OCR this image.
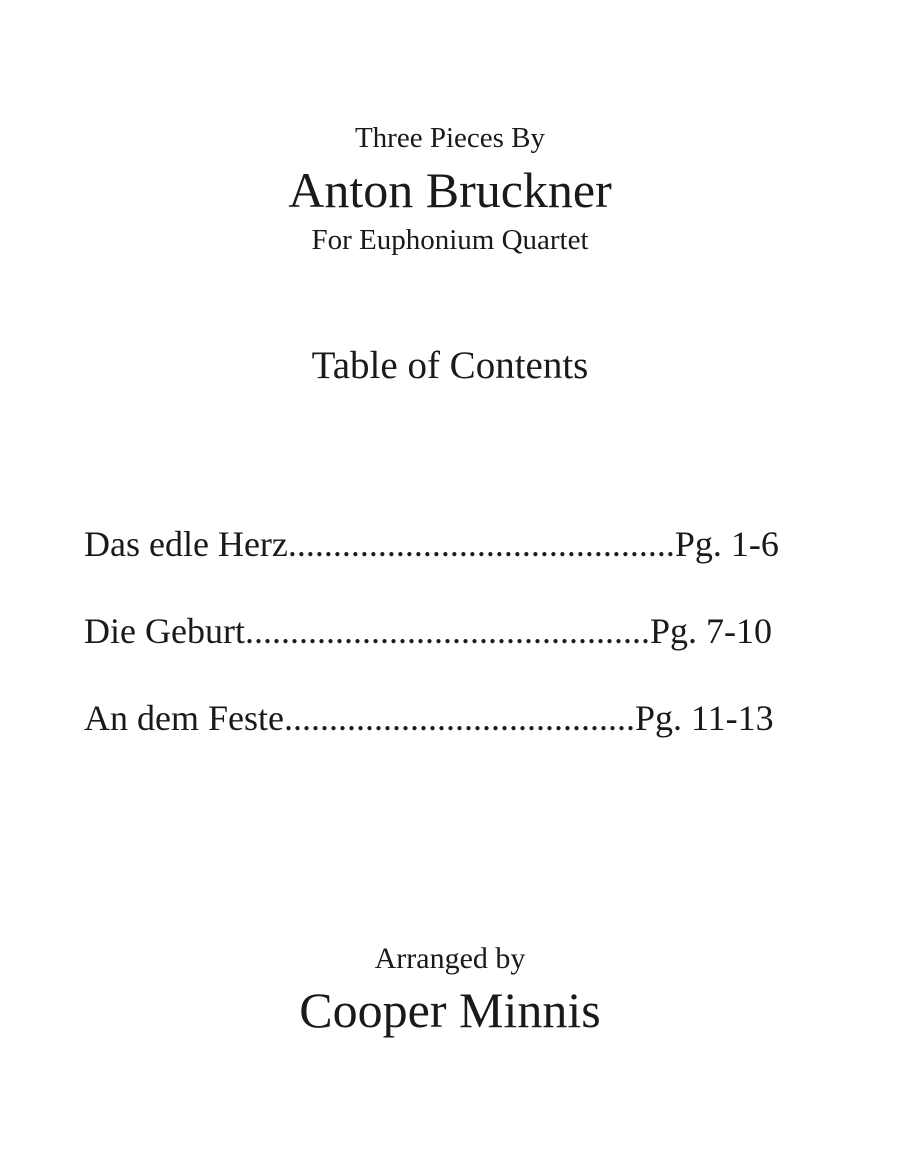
Three Pieces By
Anton Bruckner
For Euphonium Quartet
Table of Contents
Das edle Herz...........................................Pg. 1-6
Die Geburt.............................................Pg. 7-10
An dem Feste.......................................Pg. 11-13
Arranged by
Cooper Minnis
